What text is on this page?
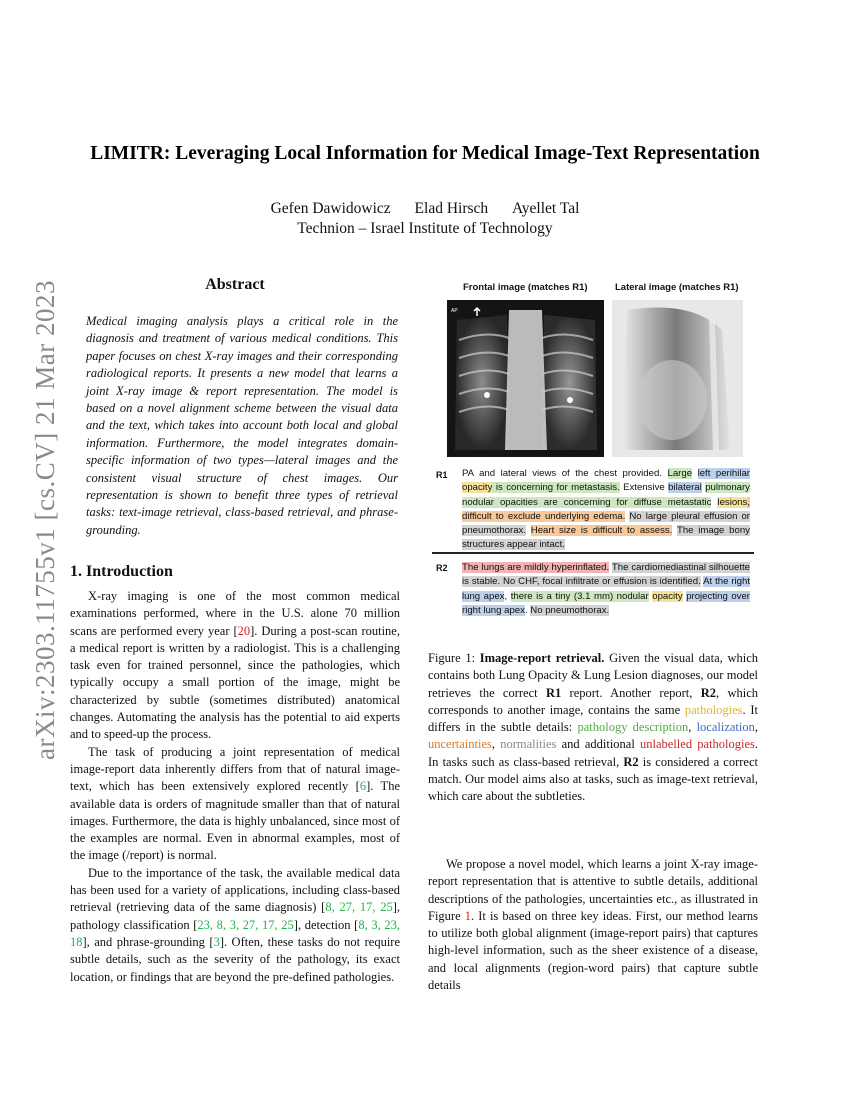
arXiv:2303.11755v1 [cs.CV] 21 Mar 2023
LIMITR: Leveraging Local Information for Medical Image-Text Representation
Gefen Dawidowicz Elad Hirsch Ayellet Tal
Technion – Israel Institute of Technology
Abstract
Medical imaging analysis plays a critical role in the diagnosis and treatment of various medical conditions. This paper focuses on chest X-ray images and their corresponding radiological reports. It presents a new model that learns a joint X-ray image & report representation. The model is based on a novel alignment scheme between the visual data and the text, which takes into account both local and global information. Furthermore, the model integrates domain-specific information of two types—lateral images and the consistent visual structure of chest images. Our representation is shown to benefit three types of retrieval tasks: text-image retrieval, class-based retrieval, and phrase-grounding.
1. Introduction

X-ray imaging is one of the most common medical examinations performed, where in the U.S. alone 70 million scans are performed every year [20]. During a post-scan routine, a medical report is written by a radiologist. This is a challenging task even for trained personnel, since the pathologies, which typically occupy a small portion of the image, might be characterized by subtle (sometimes distributed) anatomical changes. Automating the analysis has the potential to aid experts and to speed-up the process.

The task of producing a joint representation of medical image-report data inherently differs from that of natural image-text, which has been extensively explored recently [6]. The available data is orders of magnitude smaller than that of natural images. Furthermore, the data is highly unbalanced, since most of the examples are normal. Even in abnormal examples, most of the image (/report) is normal.

Due to the importance of the task, the available medical data has been used for a variety of applications, including class-based retrieval (retrieving data of the same diagnosis) [8, 27, 17, 25], pathology classification [23, 8, 3, 27, 17, 25], detection [8, 3, 23, 18], and phrase-grounding [3]. Often, these tasks do not require subtle details, such as the severity of the pathology, its exact location, or findings that are beyond the pre-defined pathologies.

Frontal image (matches R1)	Lateral image (matches R1)
AP
R1 PA and lateral views of the chest provided. Large left perihilar opacity is concerning for metastasis. Extensive bilateral pulmonary nodular opacities are concerning for diffuse metastatic lesions, difficult to exclude underlying edema. No large pleural effusion or pneumothorax. Heart size is difficult to assess. The image bony structures appear intact.
R2 The lungs are mildly hyperinflated. The cardiomediastinal silhouette is stable. No CHF, focal infiltrate or effusion is identified. At the right lung apex, there is a tiny (3.1 mm) nodular opacity projecting over right lung apex. No pneumothorax.
Figure 1: Image-report retrieval. Given the visual data, which contains both Lung Opacity & Lung Lesion diagnoses, our model retrieves the correct R1 report. Another report, R2, which corresponds to another image, contains the same pathologies. It differs in the subtle details: pathology description, localization, uncertainties, normalities and additional unlabelled pathologies. In tasks such as class-based retrieval, R2 is considered a correct match. Our model aims also at tasks, such as image-text retrieval, which care about the subtleties.

We propose a novel model, which learns a joint X-ray image-report representation that is attentive to subtle details, additional descriptions of the pathologies, uncertainties etc., as illustrated in Figure 1. It is based on three key ideas. First, our method learns to utilize both global alignment (image-report pairs) that captures high-level information, such as the sheer existence of a disease, and local alignments (region-word pairs) that capture subtle details
